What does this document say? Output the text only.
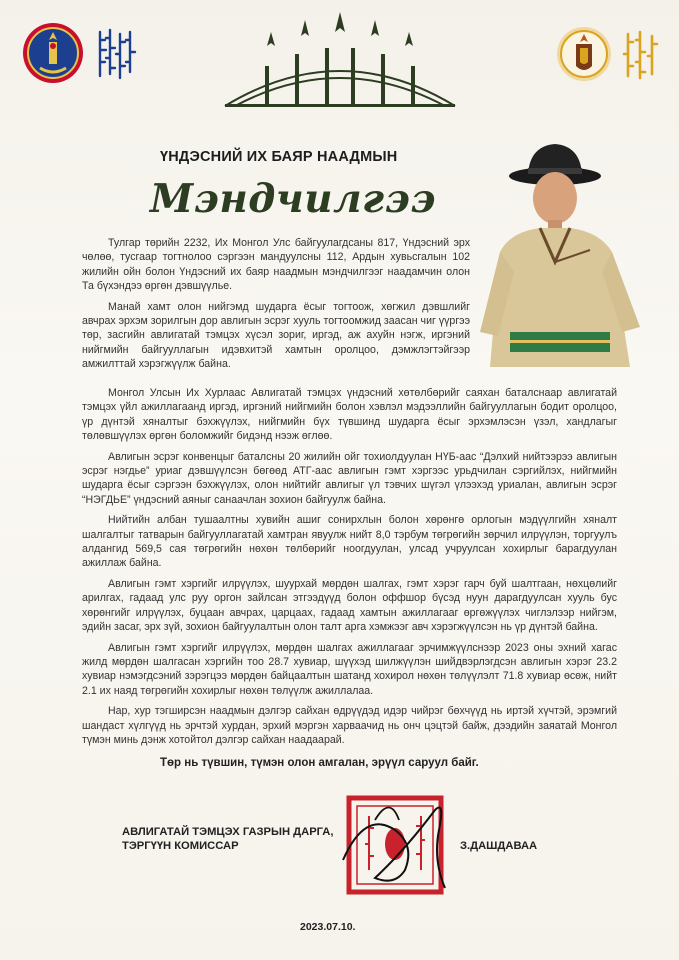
ҮНДЭСНИЙ ИХ БАЯР НААДМЫН
Мэндчилгээ

Тулгар төрийн 2232, Их Монгол Улс байгуулагдсаны 817, Үндэсний эрх чөлөө, тусгаар тогтнолоо сэргээн мандуулсны 112, Ардын хувьсгалын 102 жилийн ойн болон Үндэсний их баяр наадмын мэндчилгээг наадамчин олон Та бүхэндээ өргөн дэвшүүлье.

Манай хамт олон нийгэмд шударга ёсыг тогтоож, хөгжил дэвшлийг авчрах эрхэм зорилгын дор авлигын эсрэг хууль тогтоомжид заасан чиг үүргээ төр, засгийн авлигатай тэмцэх хүсэл зориг, иргэд, аж ахуйн нэгж, иргэний нийгмийн байгууллагын идэвхитэй хамтын оролцоо, дэмжлэгтэйгээр амжилттай хэрэгжүүлж байна.

Монгол Улсын Их Хурлаас Авлигатай тэмцэх үндэсний хөтөлбөрийг саяхан баталснаар авлигатай тэмцэх үйл ажиллагаанд иргэд, иргэний нийгмийн болон хэвлэл мэдээллийн байгууллагын бодит оролцоо, үр дүнтэй хяналтыг бэхжүүлэх, нийгмийн бүх түвшинд шударга ёсыг эрхэмлэсэн үзэл, хандлагыг төлөвшүүлэх өргөн боломжийг бидэнд нээж өглөө.

Авлигын эсрэг конвенцыг баталсны 20 жилийн ойг тохиолдуулан НҮБ-аас “Дэлхий нийтээрээ авлигын эсрэг нэгдье” уриаг дэвшүүлсэн бөгөөд АТГ-аас авлигын гэмт хэргээс урьдчилан сэргийлэх, нийгмийн шударга ёсыг сэргээн бэхжүүлэх, олон нийтийг авлигыг үл тэвчих шүгэл үлээхэд уриалан, авлигын эсрэг “НЭГДЬЕ” үндэсний аяныг санаачлан зохион байгуулж байна.

Нийтийн албан тушаалтны хувийн ашиг сонирхлын болон хөрөнгө орлогын мэдүүлгийн хяналт шалгалтыг татварын байгууллагатай хамтран явуулж нийт 8,0 тэрбум төгрөгийн зөрчил илрүүлэн, торгуулъ алдангид 569,5 сая төгрөгийн нөхөн төлбөрийг ноогдуулан, улсад учруулсан хохирлыг барагдуулан ажиллаж байна.

Авлигын гэмт хэргийг илрүүлэх, шуурхай мөрдөн шалгах, гэмт хэрэг гарч буй шалтгаан, нөхцөлийг арилгах, гадаад улс руу оргон зайлсан этгээдүүд болон оффшор бүсэд нуун дарагдуулсан хууль бус хөрөнгийг илрүүлэх, буцаан авчрах, царцаах, гадаад хамтын ажиллагааг өргөжүүлэх чиглэлээр нийгэм, эдийн засаг, эрх зүй, зохион байгуулалтын олон талт арга хэмжээг авч хэрэгжүүлсэн нь үр дүнтэй байна.

Авлигын гэмт хэргийг илрүүлэх, мөрдөн шалгах ажиллагааг эрчимжүүлснээр 2023 оны эхний хагас жилд мөрдөн шалгасан хэргийн тоо 28.7 хувиар, шүүхэд шилжүүлэн шийдвэрлэгдсэн авлигын хэрэг 23.2 хувиар нэмэгдсэний зэрэгцээ мөрдөн байцаалтын шатанд хохирол нөхөн төлүүлэлт 71.8 хувиар өсөж, нийт 2.1 их наяд төгрөгийн хохирлыг нөхөн төлүүлж ажиллалаа.

Нар, хур тэгширсэн наадмын дэлгэр сайхан өдрүүдэд идэр чийрэг бөхчүүд нь иртэй хүчтэй, эрэмгий шандаст хүлгүүд нь эрчтэй хурдан, эрхий мэргэн харваачид нь онч цэцтэй байж, дээдийн заяатай Монгол түмэн минь дэнж хотойтол дэлгэр сайхан наадаарай.

Төр нь түвшин, түмэн олон амгалан, эрүүл саруул байг.
АВЛИГАТАЙ ТЭМЦЭХ ГАЗРЫН ДАРГА,
ТЭРГҮҮН КОМИССАР	З.ДАШДАВАА
2023.07.10.
